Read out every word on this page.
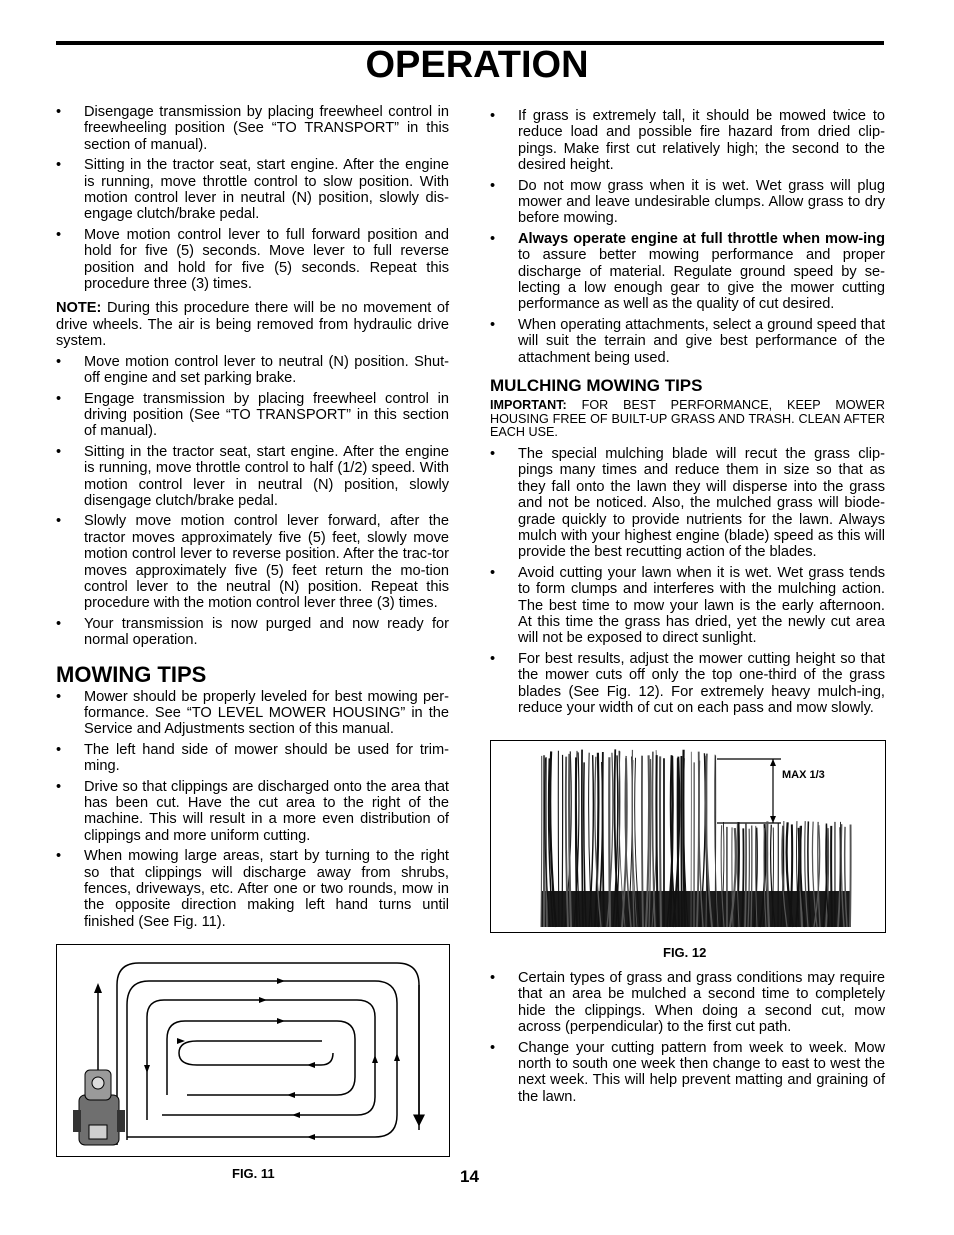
OPERATION
• Disengage transmission by placing freewheel control in freewheeling position (See “TO TRANSPORT” in this section of manual).
• Sitting in the tractor seat, start engine. After the engine is running, move throttle control to slow position. With motion control lever in neutral (N) position, slowly dis-engage clutch/brake pedal.
• Move motion control lever to full forward position and hold for five (5) seconds. Move lever to full reverse position and hold for five (5) seconds. Repeat this procedure three (3) times.

NOTE: During this procedure there will be no movement of drive wheels. The air is being removed from hydraulic drive system.

• Move motion control lever to neutral (N) position. Shut-off engine and set parking brake.
• Engage transmission by placing freewheel control in driving position (See “TO TRANSPORT” in this section of manual).
• Sitting in the tractor seat, start engine. After the engine is running, move throttle control to half (1/2) speed. With motion control lever in neutral (N) position, slowly disengage clutch/brake pedal.
• Slowly move motion control lever forward, after the tractor moves approximately five (5) feet, slowly move motion control lever to reverse position. After the trac-tor moves approximately five (5) feet return the mo-tion control lever to the neutral (N) position. Repeat this procedure with the motion control lever three (3) times.
• Your transmission is now purged and now ready for normal operation.
MOWING TIPS
• Mower should be properly leveled for best mowing per-formance. See “TO LEVEL MOWER HOUSING” in the Service and Adjustments section of this manual.
• The left hand side of mower should be used for trim-ming.
• Drive so that clippings are discharged onto the area that has been cut. Have the cut area to the right of the machine. This will result in a more even distribution of clippings and more uniform cutting.
• When mowing large areas, start by turning to the right so that clippings will discharge away from shrubs, fences, driveways, etc. After one or two rounds, mow in the opposite direction making left hand turns until finished (See Fig. 11).
• If grass is extremely tall, it should be mowed twice to reduce load and possible fire hazard from dried clip-pings. Make first cut relatively high; the second to the desired height.
• Do not mow grass when it is wet. Wet grass will plug mower and leave undesirable clumps. Allow grass to dry before mowing.
• Always operate engine at full throttle when mow-ing to assure better mowing performance and proper discharge of material. Regulate ground speed by se-lecting a low enough gear to give the mower cutting performance as well as the quality of cut desired.
• When operating attachments, select a ground speed that will suit the terrain and give best performance of the attachment being used.
MULCHING MOWING TIPS

IMPORTANT: FOR BEST PERFORMANCE, KEEP MOWER HOUSING FREE OF BUILT-UP GRASS AND TRASH. CLEAN AFTER EACH USE.

• The special mulching blade will recut the grass clip-pings many times and reduce them in size so that as they fall onto the lawn they will disperse into the grass and not be noticed. Also, the mulched grass will biode-grade quickly to provide nutrients for the lawn. Always mulch with your highest engine (blade) speed as this will provide the best recutting action of the blades.
• Avoid cutting your lawn when it is wet. Wet grass tends to form clumps and interferes with the mulching action. The best time to mow your lawn is the early afternoon. At this time the grass has dried, yet the newly cut area will not be exposed to direct sunlight.
• For best results, adjust the mower cutting height so that the mower cuts off only the top one-third of the grass blades (See Fig. 12). For extremely heavy mulch-ing, reduce your width of cut on each pass and mow slowly.
• Certain types of grass and grass conditions may require that an area be mulched a second time to completely hide the clippings. When doing a second cut, mow across (perpendicular) to the first cut path.
• Change your cutting pattern from week to week. Mow north to south one week then change to east to west the next week. This will help prevent matting and graining of the lawn.
FIG. 11
MAX 1/3
FIG. 12
14
